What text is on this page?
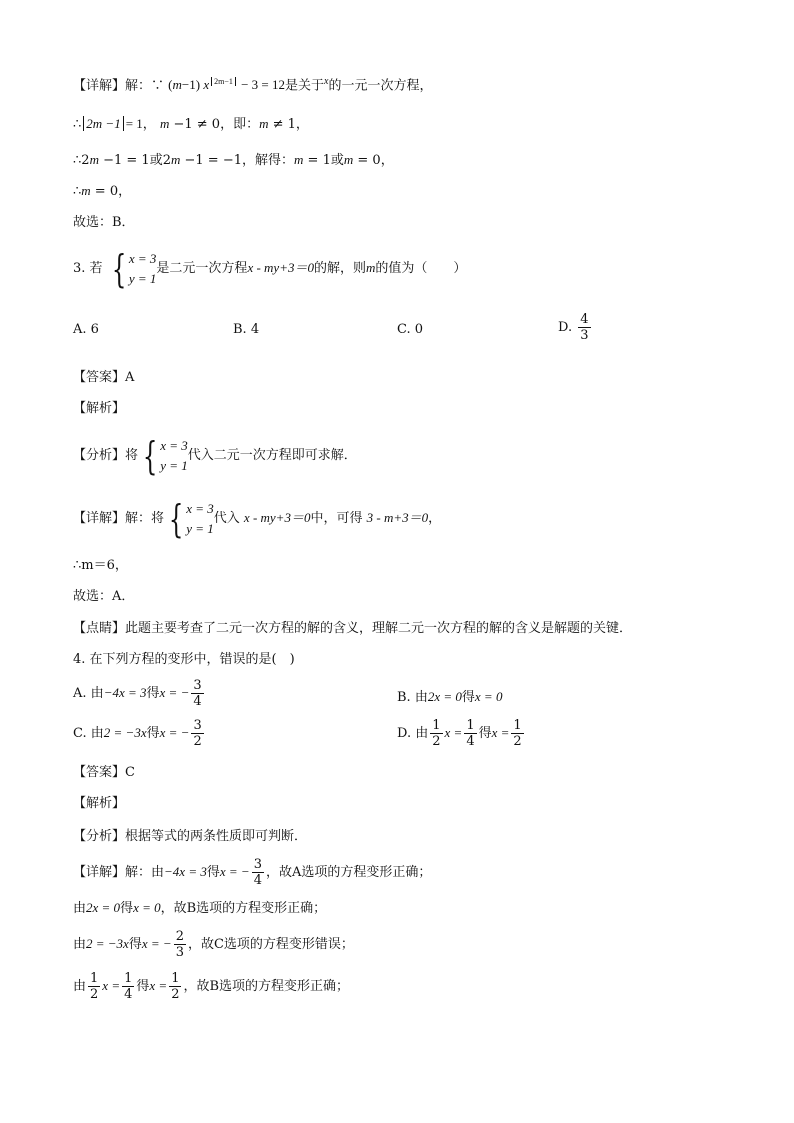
【详解】解：∵ (m−1) x $^{2m-1}$ − 3 = 12是关于$^x$的一元一次方程，
∴ 2m −1 = 1， m −1 ≠ 0，即：m ≠ 1，
∴2m −1 = 1或2m −1 = −1，解得：m = 1或m = 0，
∴m = 0，
故选：B．
3. 若 { x = 3
y = 1
是二元一次方程x - my+3＝0的解，则m的值为（　　）
A. 6	B. 4	C. 0	D. $\frac{4}{3}$
【答案】A
【解析】
【分析】将 { x = 3
y = 1
代入二元一次方程即可求解．
【详解】解：将 { x = 3
y = 1
代入 x - my+3＝0中，可得 3 - m+3＝0，
∴m＝6，
故选：A．
【点睛】此题主要考查了二元一次方程的解的含义，理解二元一次方程的解的含义是解题的关键．
4. 在下列方程的变形中，错误的是(　)
A. 由−4x = 3得x = − $\frac{3}{4}$	B. 由2x = 0得x = 0
C. 由2 = −3x得x = − $\frac{3}{2}$	D. 由 $\frac{1}{2}$ $x = \frac{1}{4}$ 得$x = \frac{1}{2}$
【答案】C
【解析】
【分析】根据等式的两条性质即可判断．
【详解】解：由−4x = 3得x = − $\frac{3}{4}$ ，故A选项的方程变形正确；
由2x = 0得x = 0，故B选项的方程变形正确；
由2 = −3x得x = − $\frac{2}{3}$ ，故C选项的方程变形错误；
由 $\frac{1}{2}$ $x = \frac{1}{4}$ 得$x = \frac{1}{2}$ ，故B选项的方程变形正确；
